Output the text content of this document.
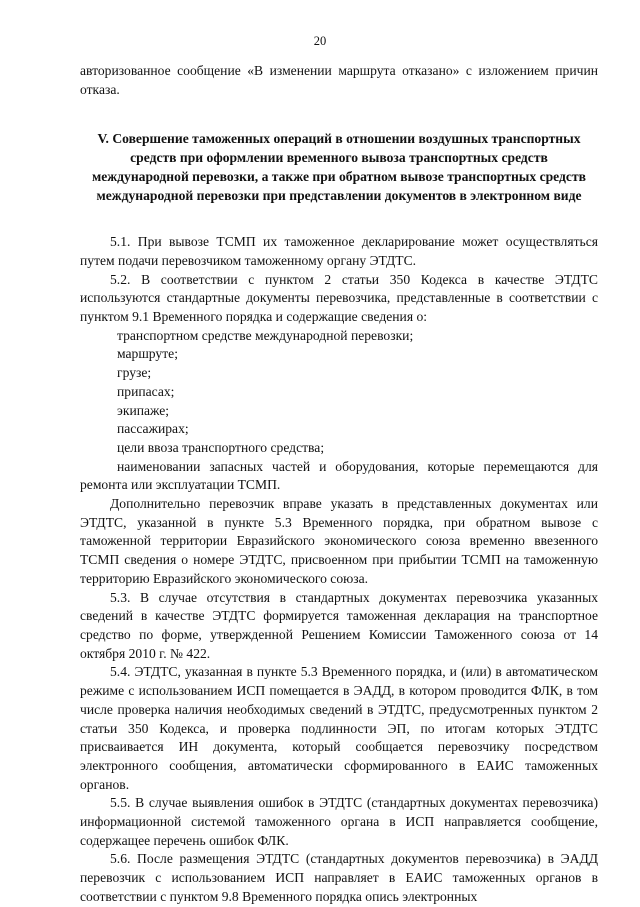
20

авторизованное сообщение «В изменении маршрута отказано» с изложением причин отказа.

V. Совершение таможенных операций в отношении воздушных транспортных средств при оформлении временного вывоза транспортных средств международной перевозки, а также при обратном вывозе транспортных средств международной перевозки при представлении документов в электронном виде

5.1. При вывозе ТСМП их таможенное декларирование может осуществляться путем подачи перевозчиком таможенному органу ЭТДТС.

5.2. В соответствии с пунктом 2 статьи 350 Кодекса в качестве ЭТДТС используются стандартные документы перевозчика, представленные в соответствии с пунктом 9.1 Временного порядка и содержащие сведения о:

транспортном средстве международной перевозки;

маршруте;

грузе;

припасах;

экипаже;

пассажирах;

цели ввоза транспортного средства;

наименовании запасных частей и оборудования, которые перемещаются для ремонта или эксплуатации ТСМП.

Дополнительно перевозчик вправе указать в представленных документах или ЭТДТС, указанной в пункте 5.3 Временного порядка, при обратном вывозе с таможенной территории Евразийского экономического союза временно ввезенного ТСМП сведения о номере ЭТДТС, присвоенном при прибытии ТСМП на таможенную территорию Евразийского экономического союза.

5.3. В случае отсутствия в стандартных документах перевозчика указанных сведений в качестве ЭТДТС формируется таможенная декларация на транспортное средство по форме, утвержденной Решением Комиссии Таможенного союза от 14 октября 2010 г. № 422.

5.4. ЭТДТС, указанная в пункте 5.3 Временного порядка, и (или) в автоматическом режиме с использованием ИСП помещается в ЭАДД, в котором проводится ФЛК, в том числе проверка наличия необходимых сведений в ЭТДТС, предусмотренных пунктом 2 статьи 350 Кодекса, и проверка подлинности ЭП, по итогам которых ЭТДТС присваивается ИН документа, который сообщается перевозчику посредством электронного сообщения, автоматически сформированного в ЕАИС таможенных органов.

5.5. В случае выявления ошибок в ЭТДТС (стандартных документах перевозчика) информационной системой таможенного органа в ИСП направляется сообщение, содержащее перечень ошибок ФЛК.

5.6. После размещения ЭТДТС (стандартных документов перевозчика) в ЭАДД перевозчик с использованием ИСП направляет в ЕАИС таможенных органов в соответствии с пунктом 9.8 Временного порядка опись электронных
